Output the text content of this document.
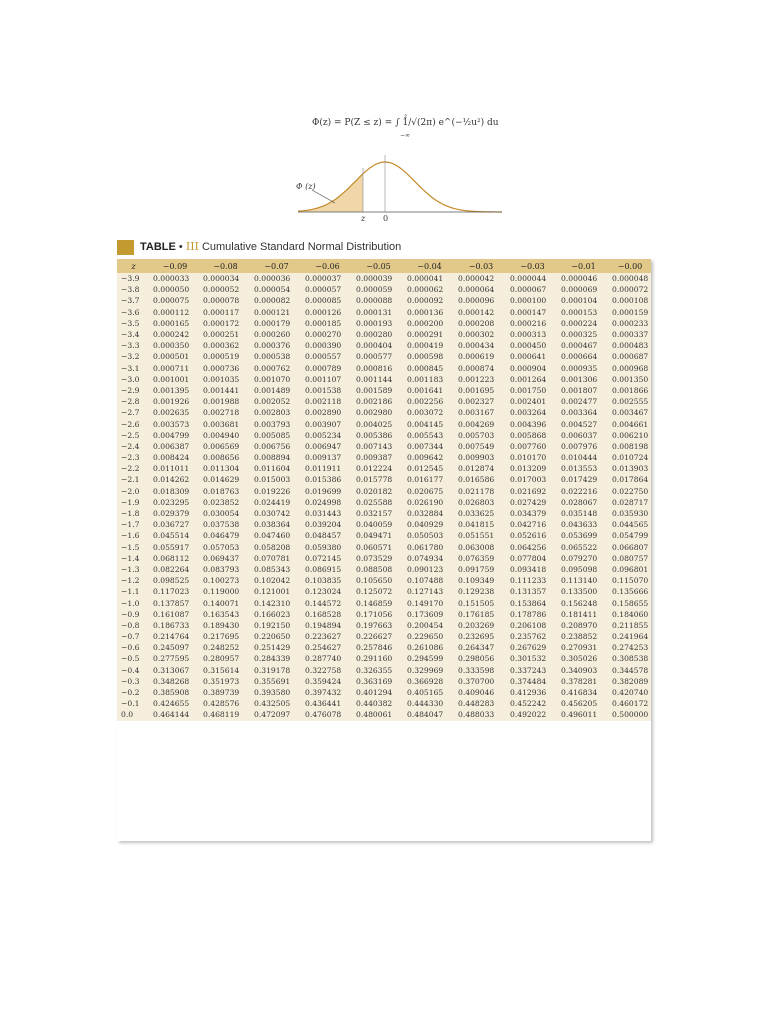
Φ(z) = P(Z ≤ z) = ∫ 1/√(2π) e^(−½u²) du
−∞
z
Φ (z)
z 0
TABLE • III Cumulative Standard Normal Distribution
z	−0.09	−0.08	−0.07	−0.06	−0.05	−0.04	−0.03	−0.03	−0.01	−0.00
−3.9	0.000033	0.000034	0.000036	0.000037	0.000039	0.000041	0.000042	0.000044	0.000046	0.000048
−3.8	0.000050	0.000052	0.000054	0.000057	0.000059	0.000062	0.000064	0.000067	0.000069	0.000072
−3.7	0.000075	0.000078	0.000082	0.000085	0.000088	0.000092	0.000096	0.000100	0.000104	0.000108
−3.6	0.000112	0.000117	0.000121	0.000126	0.000131	0.000136	0.000142	0.000147	0.000153	0.000159
−3.5	0.000165	0.000172	0.000179	0.000185	0.000193	0.000200	0.000208	0.000216	0.000224	0.000233
−3.4	0.000242	0.000251	0.000260	0.000270	0.000280	0.000291	0.000302	0.000313	0.000325	0.000337
−3.3	0.000350	0.000362	0.000376	0.000390	0.000404	0.000419	0.000434	0.000450	0.000467	0.000483
−3.2	0.000501	0.000519	0.000538	0.000557	0.000577	0.000598	0.000619	0.000641	0.000664	0.000687
−3.1	0.000711	0.000736	0.000762	0.000789	0.000816	0.000845	0.000874	0.000904	0.000935	0.000968
−3.0	0.001001	0.001035	0.001070	0.001107	0.001144	0.001183	0.001223	0.001264	0.001306	0.001350
−2.9	0.001395	0.001441	0.001489	0.001538	0.001589	0.001641	0.001695	0.001750	0.001807	0.001866
−2.8	0.001926	0.001988	0.002052	0.002118	0.002186	0.002256	0.002327	0.002401	0.002477	0.002555
−2.7	0.002635	0.002718	0.002803	0.002890	0.002980	0.003072	0.003167	0.003264	0.003364	0.003467
−2.6	0.003573	0.003681	0.003793	0.003907	0.004025	0.004145	0.004269	0.004396	0.004527	0.004661
−2.5	0.004799	0.004940	0.005085	0.005234	0.005386	0.005543	0.005703	0.005868	0.006037	0.006210
−2.4	0.006387	0.006569	0.006756	0.006947	0.007143	0.007344	0.007549	0.007760	0.007976	0.008198
−2.3	0.008424	0.008656	0.008894	0.009137	0.009387	0.009642	0.009903	0.010170	0.010444	0.010724
−2.2	0.011011	0.011304	0.011604	0.011911	0.012224	0.012545	0.012874	0.013209	0.013553	0.013903
−2.1	0.014262	0.014629	0.015003	0.015386	0.015778	0.016177	0.016586	0.017003	0.017429	0.017864
−2.0	0.018309	0.018763	0.019226	0.019699	0.020182	0.020675	0.021178	0.021692	0.022216	0.022750
−1.9	0.023295	0.023852	0.024419	0.024998	0.025588	0.026190	0.026803	0.027429	0.028067	0.028717
−1.8	0.029379	0.030054	0.030742	0.031443	0.032157	0.032884	0.033625	0.034379	0.035148	0.035930
−1.7	0.036727	0.037538	0.038364	0.039204	0.040059	0.040929	0.041815	0.042716	0.043633	0.044565
−1.6	0.045514	0.046479	0.047460	0.048457	0.049471	0.050503	0.051551	0.052616	0.053699	0.054799
−1.5	0.055917	0.057053	0.058208	0.059380	0.060571	0.061780	0.063008	0.064256	0.065522	0.066807
−1.4	0.068112	0.069437	0.070781	0.072145	0.073529	0.074934	0.076359	0.077804	0.079270	0.080757
−1.3	0.082264	0.083793	0.085343	0.086915	0.088508	0.090123	0.091759	0.093418	0.095098	0.096801
−1.2	0.098525	0.100273	0.102042	0.103835	0.105650	0.107488	0.109349	0.111233	0.113140	0.115070
−1.1	0.117023	0.119000	0.121001	0.123024	0.125072	0.127143	0.129238	0.131357	0.133500	0.135666
−1.0	0.137857	0.140071	0.142310	0.144572	0.146859	0.149170	0.151505	0.153864	0.156248	0.158655
−0.9	0.161087	0.163543	0.166023	0.168528	0.171056	0.173609	0.176185	0.178786	0.181411	0.184060
−0.8	0.186733	0.189430	0.192150	0.194894	0.197663	0.200454	0.203269	0.206108	0.208970	0.211855
−0.7	0.214764	0.217695	0.220650	0.223627	0.226627	0.229650	0.232695	0.235762	0.238852	0.241964
−0.6	0.245097	0.248252	0.251429	0.254627	0.257846	0.261086	0.264347	0.267629	0.270931	0.274253
−0.5	0.277595	0.280957	0.284339	0.287740	0.291160	0.294599	0.298056	0.301532	0.305026	0.308538
−0.4	0.313067	0.315614	0.319178	0.322758	0.326355	0.329969	0.333598	0.337243	0.340903	0.344578
−0.3	0.348268	0.351973	0.355691	0.359424	0.363169	0.366928	0.370700	0.374484	0.378281	0.382089
−0.2	0.385908	0.389739	0.393580	0.397432	0.401294	0.405165	0.409046	0.412936	0.416834	0.420740
−0.1	0.424655	0.428576	0.432505	0.436441	0.440382	0.444330	0.448283	0.452242	0.456205	0.460172
0.0	0.464144	0.468119	0.472097	0.476078	0.480061	0.484047	0.488033	0.492022	0.496011	0.500000
